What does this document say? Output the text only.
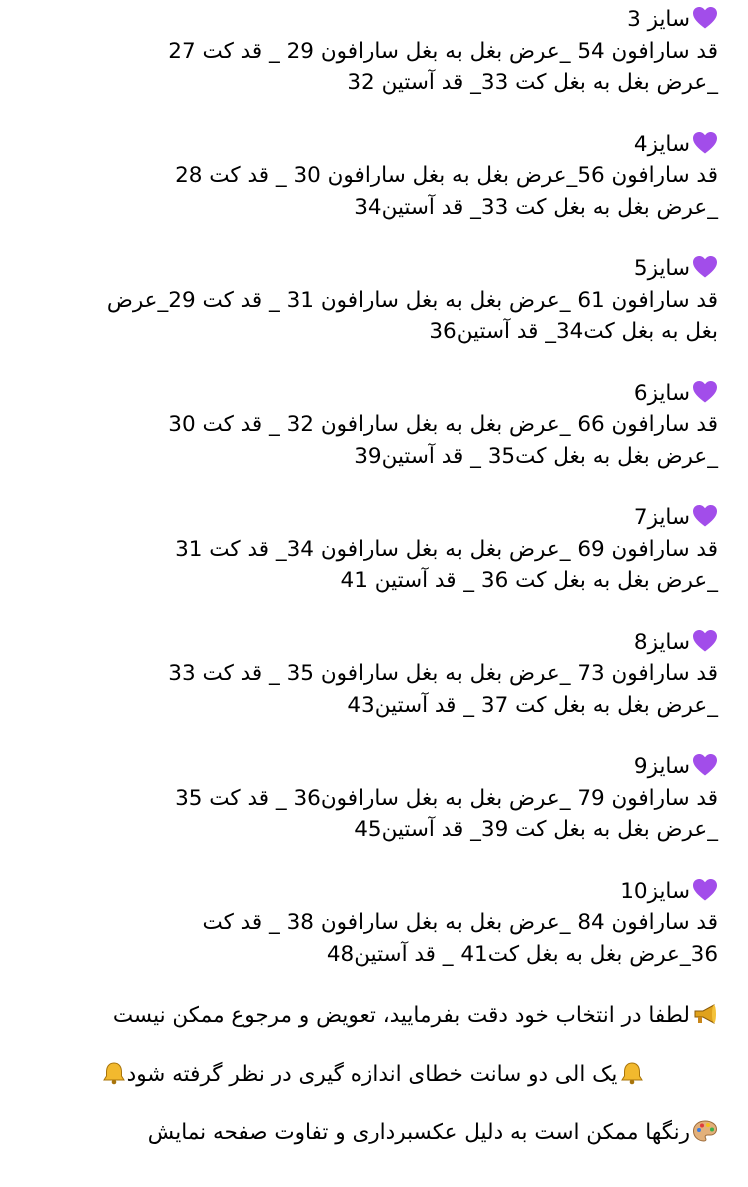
سایز 3
قد سارافون 54 _عرض بغل به بغل سارافون 29 _ قد کت 27
_عرض بغل به بغل کت 33_ قد آستین 32
سایز4
قد سارافون 56_عرض بغل به بغل سارافون 30 _ قد کت 28
_عرض بغل به بغل کت 33_ قد آستین34
سایز5
قد سارافون 61 _عرض بغل به بغل سارافون 31 _ قد کت 29_عرض
بغل به بغل کت34_ قد آستین36
سایز6
قد سارافون 66 _عرض بغل به بغل سارافون 32 _ قد کت 30
_عرض بغل به بغل کت35 _ قد آستین39
سایز7
قد سارافون 69 _عرض بغل به بغل سارافون 34_ قد کت 31
_عرض بغل به بغل کت 36 _ قد آستین 41
سایز8
قد سارافون 73 _عرض بغل به بغل سارافون 35 _ قد کت 33
_عرض بغل به بغل کت 37 _ قد آستین43
سایز9
قد سارافون 79 _عرض بغل به بغل سارافون36 _ قد کت 35
_عرض بغل به بغل کت 39_ قد آستین45
سایز10
قد سارافون 84 _عرض بغل به بغل سارافون 38 _ قد کت
36_عرض بغل به بغل کت41 _ قد آستین48
لطفا در انتخاب خود دقت بفرمایید، تعویض و مرجوع ممکن نیست
یک الی دو سانت خطای اندازه گیری در نظر گرفته شود
رنگها ممکن است به دلیل عکسبرداری و تفاوت صفحه نمایش
